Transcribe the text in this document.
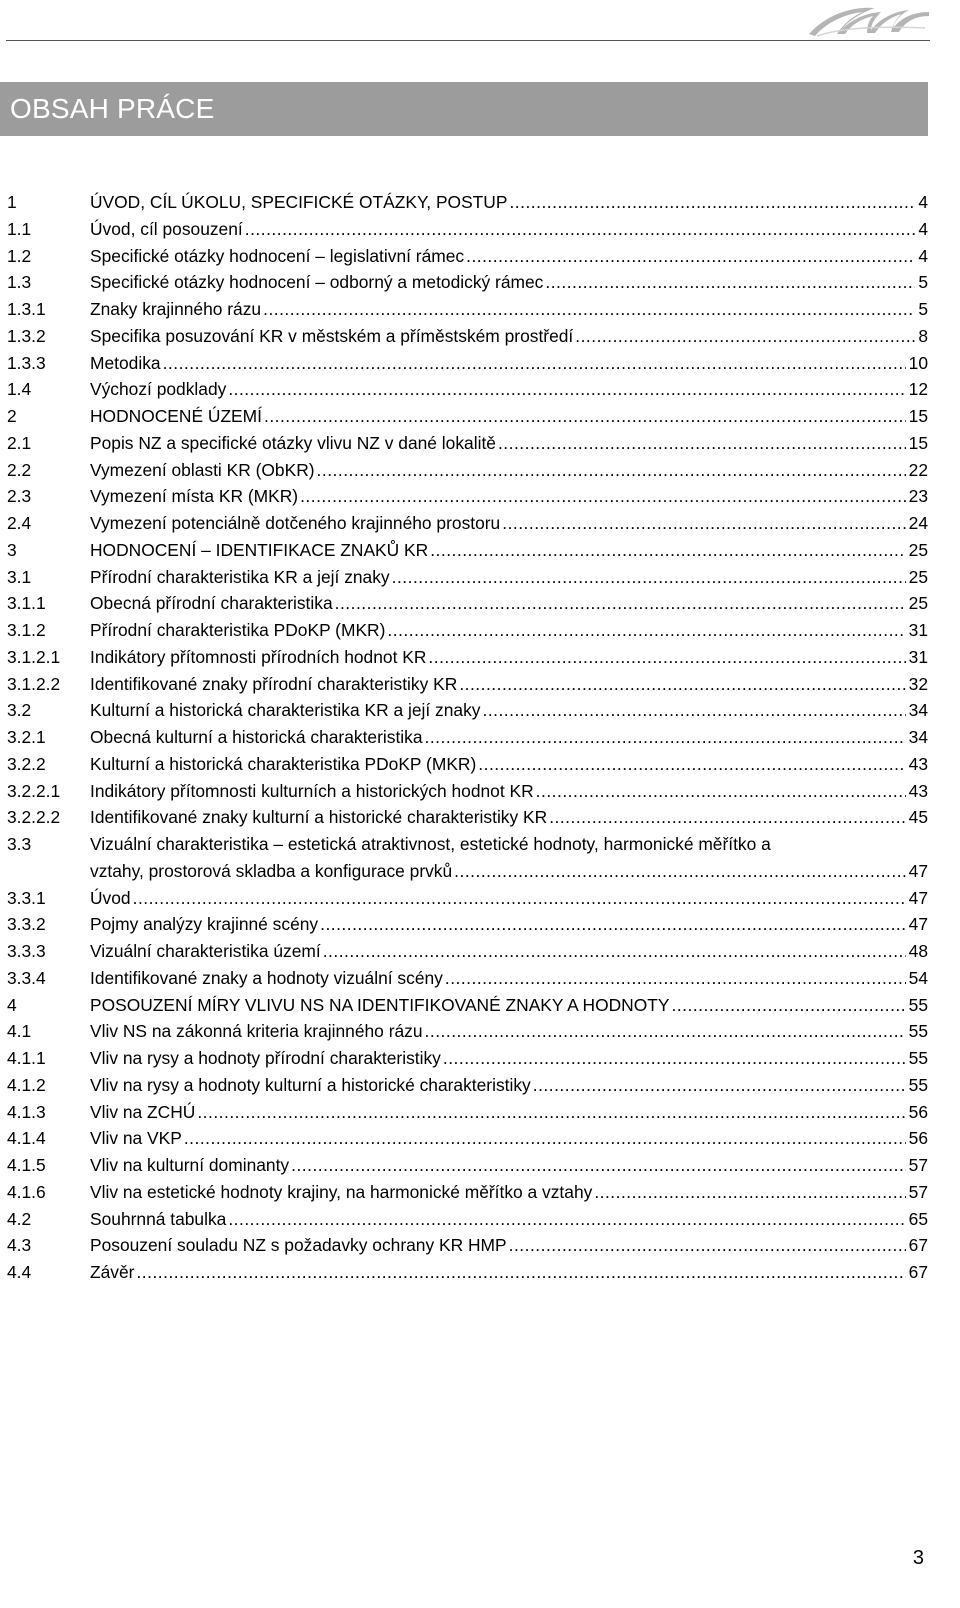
OBSAH PRÁCE
1	ÚVOD, CÍL ÚKOLU, SPECIFICKÉ OTÁZKY, POSTUP .....	4
1.1	Úvod, cíl posouzení .....	4
1.2	Specifické otázky hodnocení – legislativní rámec .....	4
1.3	Specifické otázky hodnocení – odborný a metodický rámec .....	5
1.3.1	Znaky krajinného rázu .....	5
1.3.2	Specifika posuzování KR v městském a příměstském prostředí .....	8
1.3.3	Metodika .....	10
1.4	Výchozí podklady .....	12
2	HODNOCENÉ ÚZEMÍ .....	15
2.1	Popis NZ a specifické otázky vlivu NZ v dané lokalitě .....	15
2.2	Vymezení oblasti KR (ObKR) .....	22
2.3	Vymezení místa KR (MKR) .....	23
2.4	Vymezení potenciálně dotčeného krajinného prostoru .....	24
3	HODNOCENÍ – IDENTIFIKACE ZNAKŮ KR .....	25
3.1	Přírodní charakteristika KR a její znaky .....	25
3.1.1	Obecná přírodní charakteristika .....	25
3.1.2	Přírodní charakteristika PDoKP (MKR) .....	31
3.1.2.1	Indikátory přítomnosti přírodních hodnot KR .....	31
3.1.2.2	Identifikované znaky přírodní charakteristiky KR .....	32
3.2	Kulturní a historická charakteristika KR a její znaky .....	34
3.2.1	Obecná kulturní a historická charakteristika .....	34
3.2.2	Kulturní a historická charakteristika PDoKP (MKR) .....	43
3.2.2.1	Indikátory přítomnosti kulturních a historických hodnot KR .....	43
3.2.2.2	Identifikované znaky kulturní a historické charakteristiky KR .....	45
3.3	Vizuální charakteristika – estetická atraktivnost, estetické hodnoty, harmonické měřítko a
vztahy, prostorová skladba a konfigurace prvků .....	47
3.3.1	Úvod .....	47
3.3.2	Pojmy analýzy krajinné scény .....	47
3.3.3	Vizuální charakteristika území .....	48
3.3.4	Identifikované znaky a hodnoty vizuální scény .....	54
4	POSOUZENÍ MÍRY VLIVU NS NA IDENTIFIKOVANÉ ZNAKY A HODNOTY .....	55
4.1	Vliv NS na zákonná kriteria krajinného rázu .....	55
4.1.1	Vliv na rysy a hodnoty přírodní charakteristiky .....	55
4.1.2	Vliv na rysy a hodnoty kulturní a historické charakteristiky .....	55
4.1.3	Vliv na ZCHÚ .....	56
4.1.4	Vliv na VKP .....	56
4.1.5	Vliv na kulturní dominanty .....	57
4.1.6	Vliv na estetické hodnoty krajiny, na harmonické měřítko a vztahy .....	57
4.2	Souhrnná tabulka .....	65
4.3	Posouzení souladu NZ s požadavky ochrany KR HMP .....	67
4.4	Závěr .....	67
3
